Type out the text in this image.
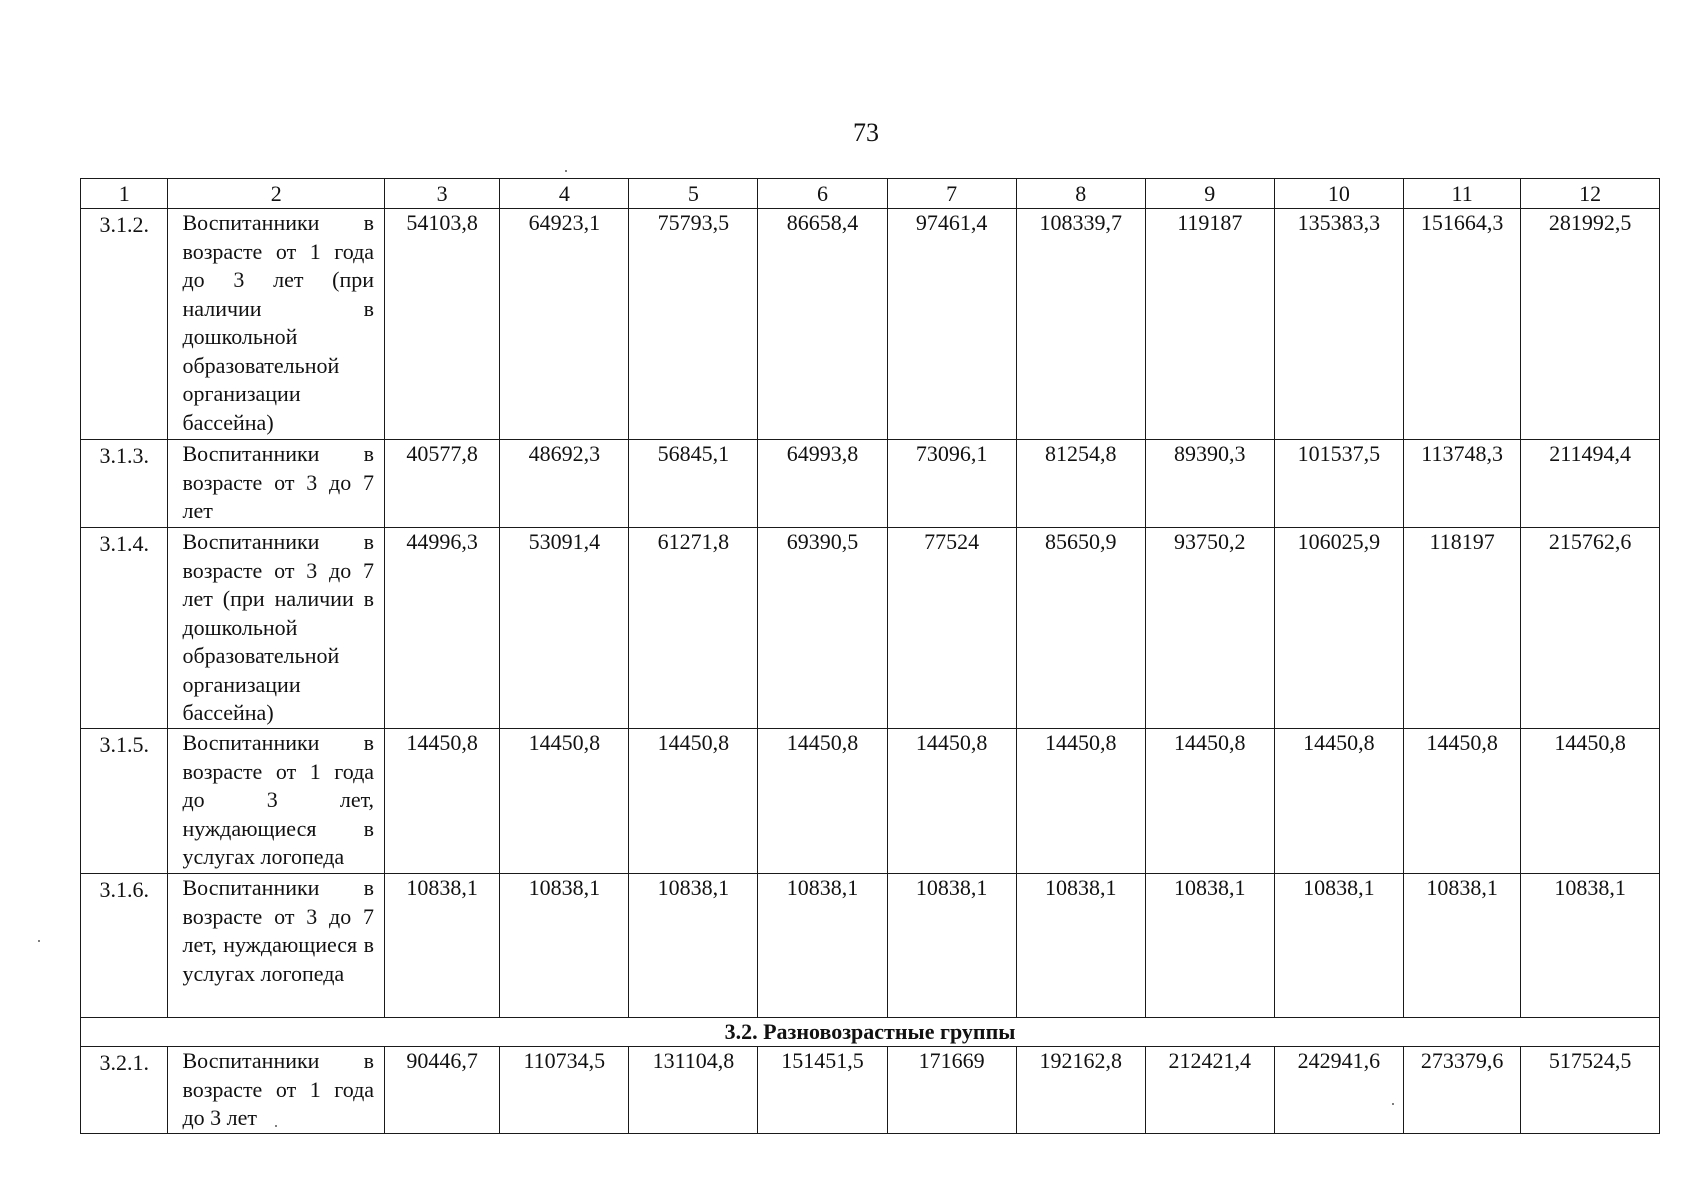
73
1	2	3	4	5	6	7	8	9	10	11	12
3.1.2.	Воспитанники в возрасте от 1 года до 3 лет (при наличии в дошкольной образовательной организации бассейна)	54103,8	64923,1	75793,5	86658,4	97461,4	108339,7	119187	135383,3	151664,3	281992,5
3.1.3.	Воспитанники в возрасте от 3 до 7 лет	40577,8	48692,3	56845,1	64993,8	73096,1	81254,8	89390,3	101537,5	113748,3	211494,4
3.1.4.	Воспитанники в возрасте от 3 до 7 лет (при наличии в дошкольной образовательной организации бассейна)	44996,3	53091,4	61271,8	69390,5	77524	85650,9	93750,2	106025,9	118197	215762,6
3.1.5.	Воспитанники в возрасте от 1 года до 3 лет, нуждающиеся в услугах логопеда	14450,8	14450,8	14450,8	14450,8	14450,8	14450,8	14450,8	14450,8	14450,8	14450,8
3.1.6.	Воспитанники в возрасте от 3 до 7 лет, нуждающиеся в услугах логопеда	10838,1	10838,1	10838,1	10838,1	10838,1	10838,1	10838,1	10838,1	10838,1	10838,1
3.2. Разновозрастные группы											
3.2.1.	Воспитанники в возрасте от 1 года до 3 лет	90446,7	110734,5	131104,8	151451,5	171669	192162,8	212421,4	242941,6	273379,6	517524,5
